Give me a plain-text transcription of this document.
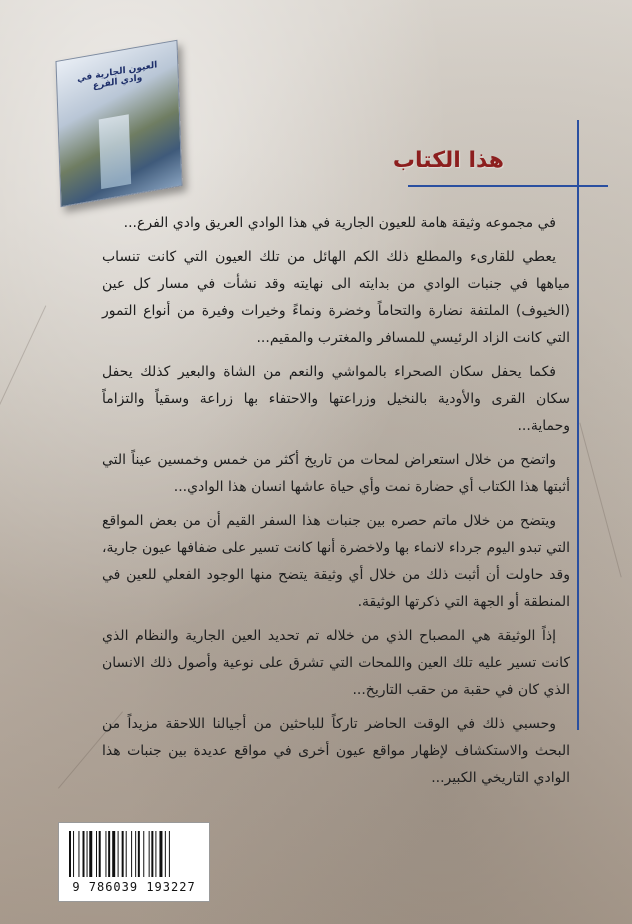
العيون الجارية في وادي الفرع
هذا الكتاب

في مجموعه وثيقة هامة للعيون الجارية في هذا الوادي العريق وادي الفرع...

يعطي للقارىء والمطلع ذلك الكم الهائل من تلك العيون التي كانت تنساب مياهها في جنبات الوادي من بدايته الى نهايته وقد نشأت في مسار كل عين (الخيوف) الملتفة نضارة والتحاماً وخضرة ونماءً وخيرات وفيرة من أنواع التمور التي كانت الزاد الرئيسي للمسافر والمغترب والمقيم...

فكما يحفل سكان الصحراء بالمواشي والنعم من الشاة والبعير كذلك يحفل سكان القرى والأودية بالنخيل وزراعتها والاحتفاء بها زراعة وسقياً والتزاماً وحماية...

واتضح من خلال استعراض لمحات من تاريخ أكثر من خمس وخمسين عيناً التي أثبتها هذا الكتاب أي حضارة نمت وأي حياة عاشها انسان هذا الوادي...

ويتضح من خلال ماتم حصره بين جنبات هذا السفر القيم أن من بعض المواقع التي تبدو اليوم جرداء لانماء بها ولاخضرة أنها كانت تسير على ضفافها عيون جارية، وقد حاولت أن أثبت ذلك من خلال أي وثيقة يتضح منها الوجود الفعلي للعين في المنطقة أو الجهة التي ذكرتها الوثيقة.

إذاً الوثيقة هي المصباح الذي من خلاله تم تحديد العين الجارية والنظام الذي كانت تسير عليه تلك العين واللمحات التي تشرق على نوعية وأصول ذلك الانسان الذي كان في حقبة من حقب التاريخ...

وحسبي ذلك في الوقت الحاضر تاركاً للباحثين من أجيالنا اللاحقة مزيداً من البحث والاستكشاف لإظهار مواقع عيون أخرى في مواقع عديدة بين جنبات هذا الوادي التاريخي الكبير...

9 786039 193227
